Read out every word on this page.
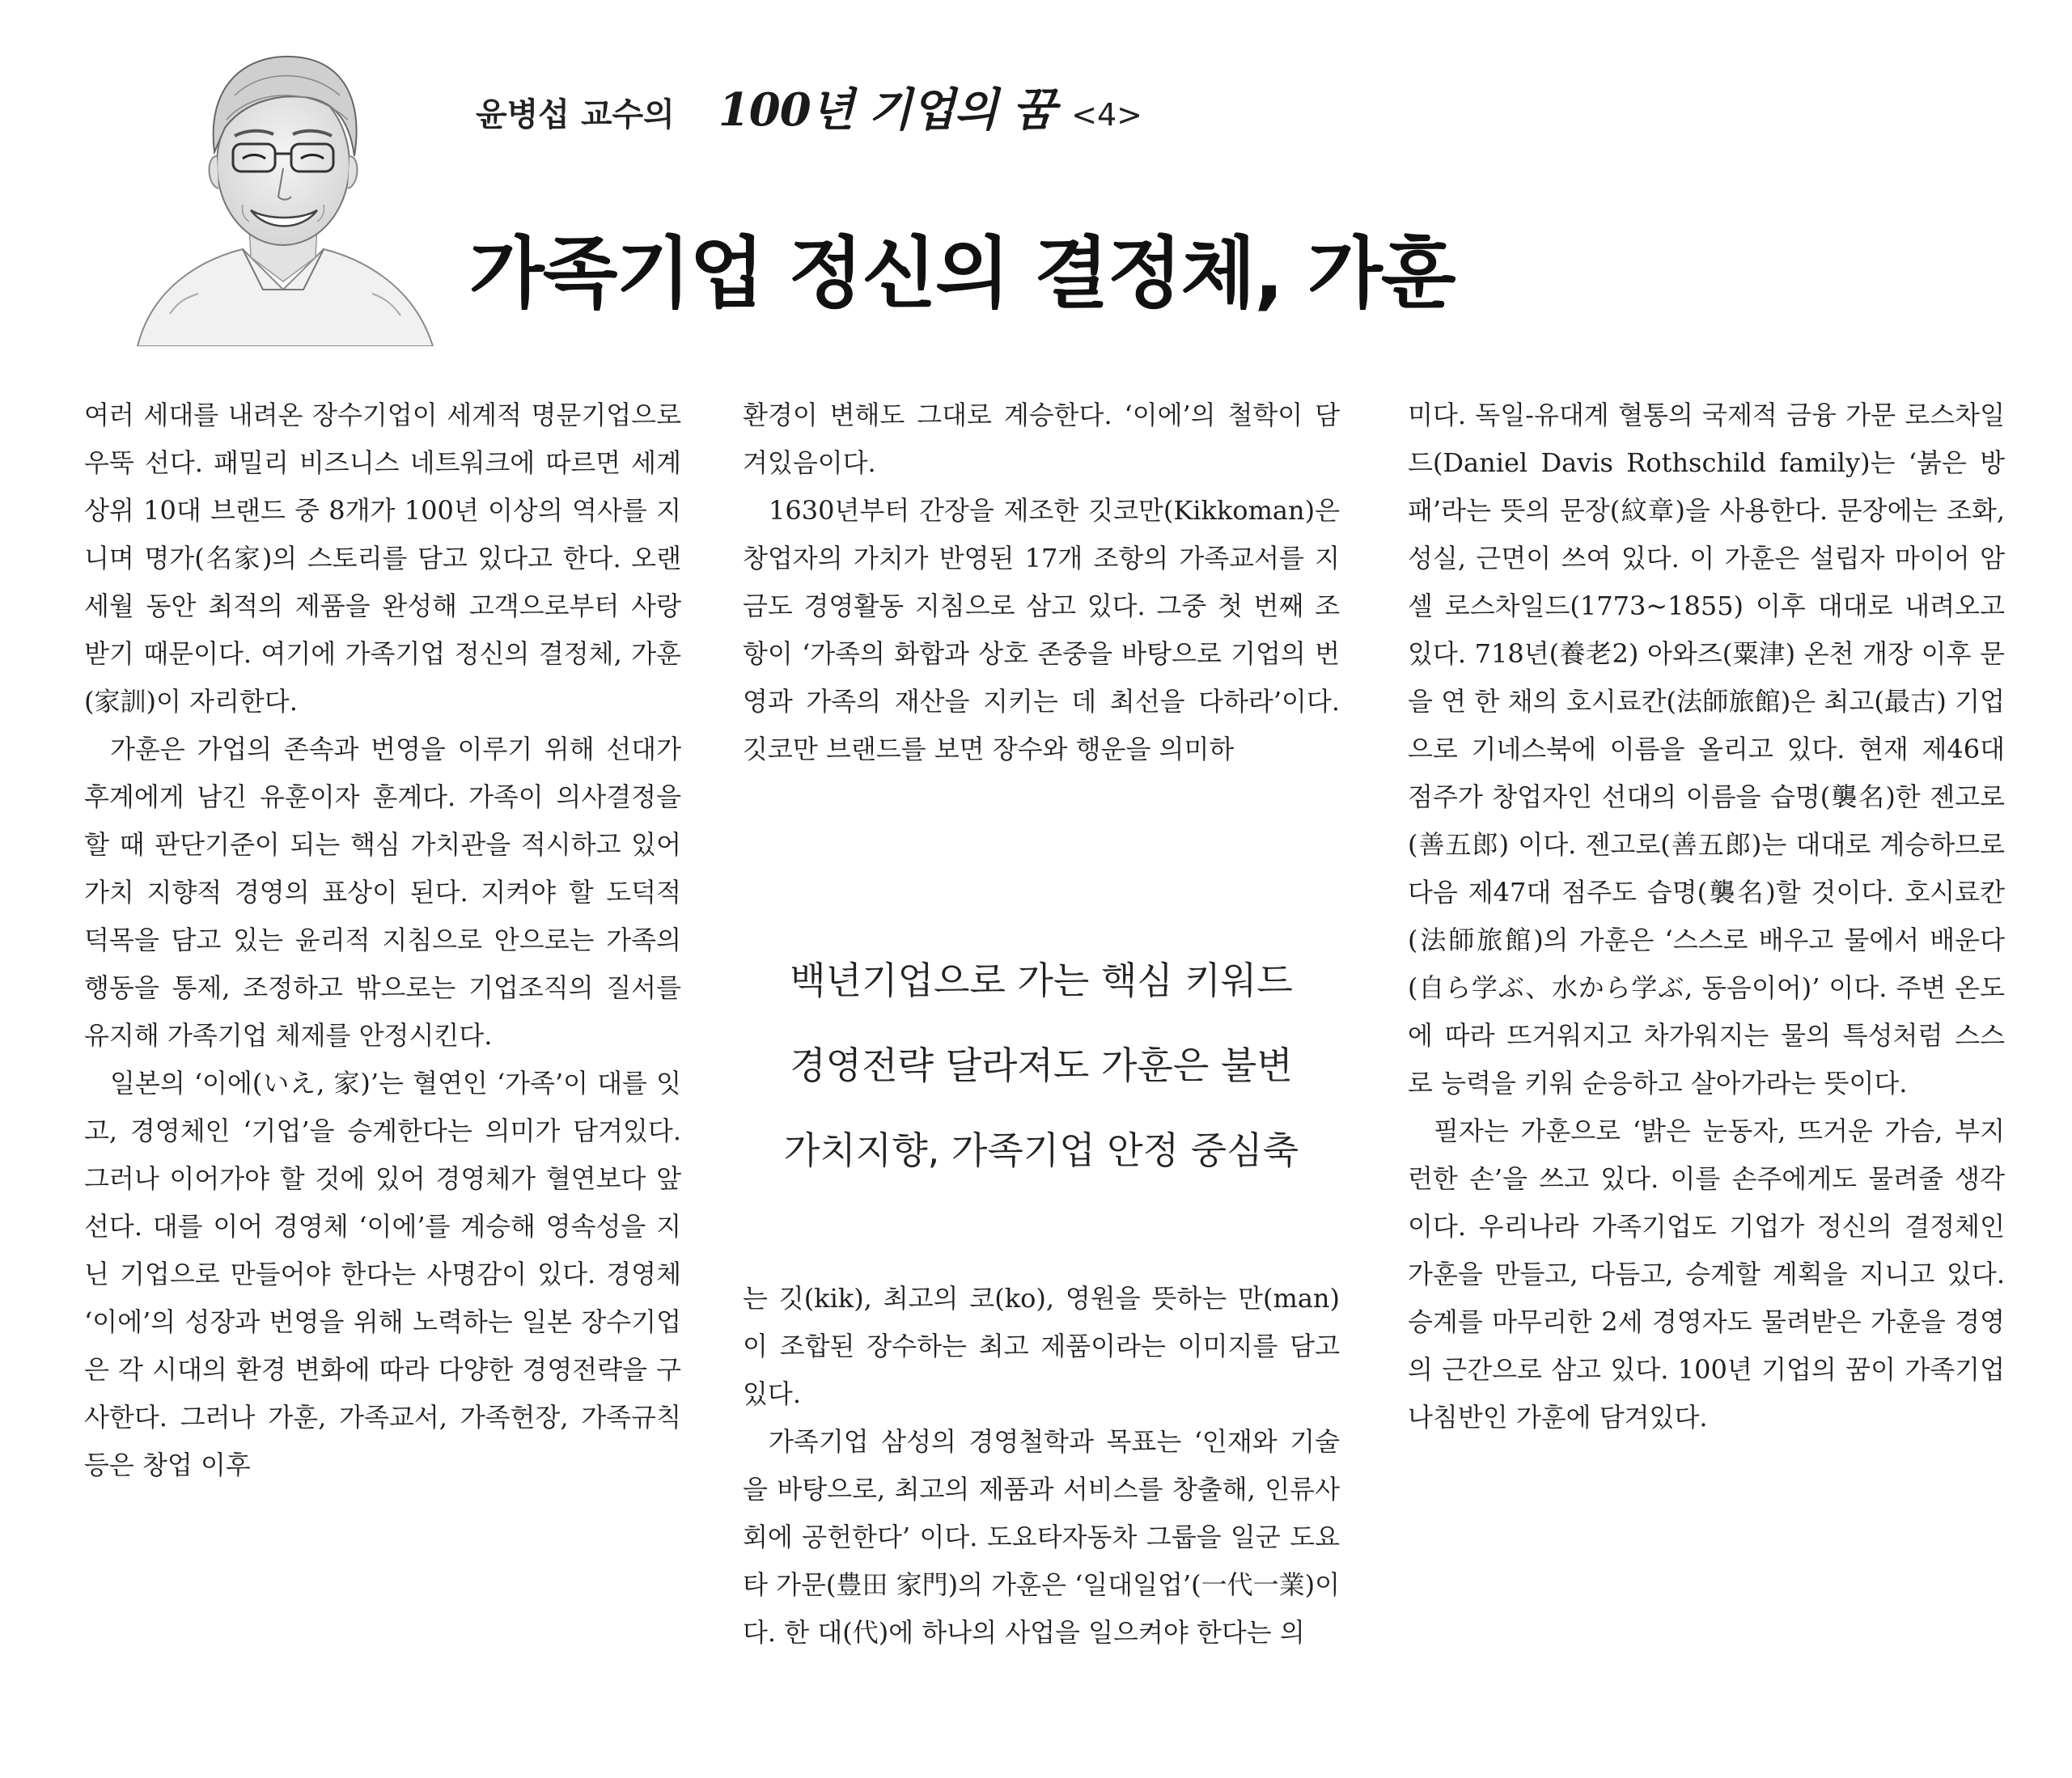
윤병섭 교수의 100년 기업의 꿈 <4>
가족기업 정신의 결정체, 가훈

여러 세대를 내려온 장수기업이 세계적 명문기업으로 우뚝 선다. 패밀리 비즈니스 네트워크에 따르면 세계 상위 10대 브랜드 중 8개가 100년 이상의 역사를 지니며 명가(名家)의 스토리를 담고 있다고 한다. 오랜 세월 동안 최적의 제품을 완성해 고객으로부터 사랑받기 때문이다. 여기에 가족기업 정신의 결정체, 가훈(家訓)이 자리한다.

가훈은 가업의 존속과 번영을 이루기 위해 선대가 후계에게 남긴 유훈이자 훈계다. 가족이 의사결정을 할 때 판단기준이 되는 핵심 가치관을 적시하고 있어 가치 지향적 경영의 표상이 된다. 지켜야 할 도덕적 덕목을 담고 있는 윤리적 지침으로 안으로는 가족의 행동을 통제, 조정하고 밖으로는 기업조직의 질서를 유지해 가족기업 체제를 안정시킨다.

일본의 ‘이에(いえ, 家)’는 혈연인 ‘가족’이 대를 잇고, 경영체인 ‘기업’을 승계한다는 의미가 담겨있다. 그러나 이어가야 할 것에 있어 경영체가 혈연보다 앞선다. 대를 이어 경영체 ‘이에’를 계승해 영속성을 지닌 기업으로 만들어야 한다는 사명감이 있다. 경영체 ‘이에’의 성장과 번영을 위해 노력하는 일본 장수기업은 각 시대의 환경 변화에 따라 다양한 경영전략을 구사한다. 그러나 가훈, 가족교서, 가족헌장, 가족규칙 등은 창업 이후

환경이 변해도 그대로 계승한다. ‘이에’의 철학이 담겨있음이다.

1630년부터 간장을 제조한 깃코만(Kikkoman)은 창업자의 가치가 반영된 17개 조항의 가족교서를 지금도 경영활동 지침으로 삼고 있다. 그중 첫 번째 조항이 ‘가족의 화합과 상호 존중을 바탕으로 기업의 번영과 가족의 재산을 지키는 데 최선을 다하라’이다. 깃코만 브랜드를 보면 장수와 행운을 의미하

백년기업으로 가는 핵심 키워드
경영전략 달라져도 가훈은 불변
가치지향, 가족기업 안정 중심축

는 깃(kik), 최고의 코(ko), 영원을 뜻하는 만(man)이 조합된 장수하는 최고 제품이라는 이미지를 담고 있다.

가족기업 삼성의 경영철학과 목표는 ‘인재와 기술을 바탕으로, 최고의 제품과 서비스를 창출해, 인류사회에 공헌한다’ 이다. 도요타자동차 그룹을 일군 도요타 가문(豊田 家門)의 가훈은 ‘일대일업’(一代一業)이다. 한 대(代)에 하나의 사업을 일으켜야 한다는 의

미다. 독일-유대계 혈통의 국제적 금융 가문 로스차일드(Daniel Davis Rothschild family)는 ‘붉은 방패’라는 뜻의 문장(紋章)을 사용한다. 문장에는 조화, 성실, 근면이 쓰여 있다. 이 가훈은 설립자 마이어 암셀 로스차일드(1773~1855) 이후 대대로 내려오고 있다. 718년(養老2) 아와즈(粟津) 온천 개장 이후 문을 연 한 채의 호시료칸(法師旅館)은 최고(最古) 기업으로 기네스북에 이름을 올리고 있다. 현재 제46대 점주가 창업자인 선대의 이름을 습명(襲名)한 젠고로(善五郎) 이다. 젠고로(善五郎)는 대대로 계승하므로 다음 제47대 점주도 습명(襲名)할 것이다. 호시료칸(法師旅館)의 가훈은 ‘스스로 배우고 물에서 배운다(自ら学ぶ、水から学ぶ, 동음이어)’ 이다. 주변 온도에 따라 뜨거워지고 차가워지는 물의 특성처럼 스스로 능력을 키워 순응하고 살아가라는 뜻이다.

필자는 가훈으로 ‘밝은 눈동자, 뜨거운 가슴, 부지런한 손’을 쓰고 있다. 이를 손주에게도 물려줄 생각이다. 우리나라 가족기업도 기업가 정신의 결정체인 가훈을 만들고, 다듬고, 승계할 계획을 지니고 있다. 승계를 마무리한 2세 경영자도 물려받은 가훈을 경영의 근간으로 삼고 있다. 100년 기업의 꿈이 가족기업 나침반인 가훈에 담겨있다.
